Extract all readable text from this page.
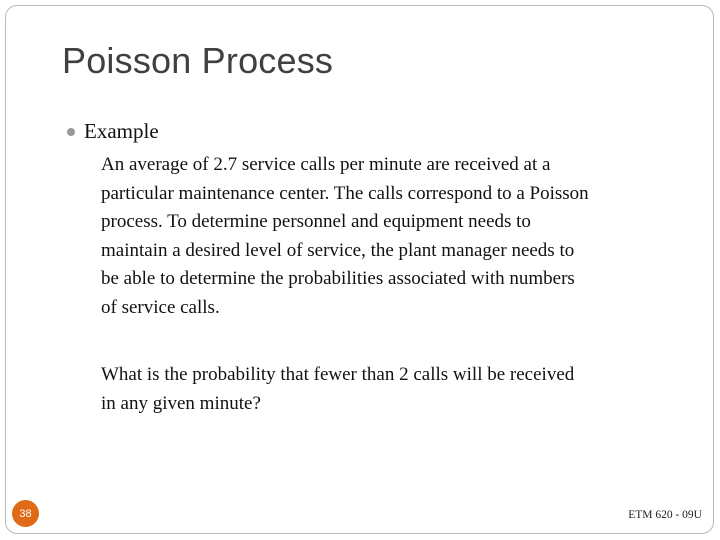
Poisson Process
Example
An average of 2.7 service calls per minute are received at a
particular maintenance center. The calls correspond to a Poisson
process. To determine personnel and equipment needs to
maintain a desired level of service, the plant manager needs to
be able to determine the probabilities associated with numbers
of service calls.
What is the probability that fewer than 2 calls will be received
in any given minute?
38	ETM 620 - 09U
